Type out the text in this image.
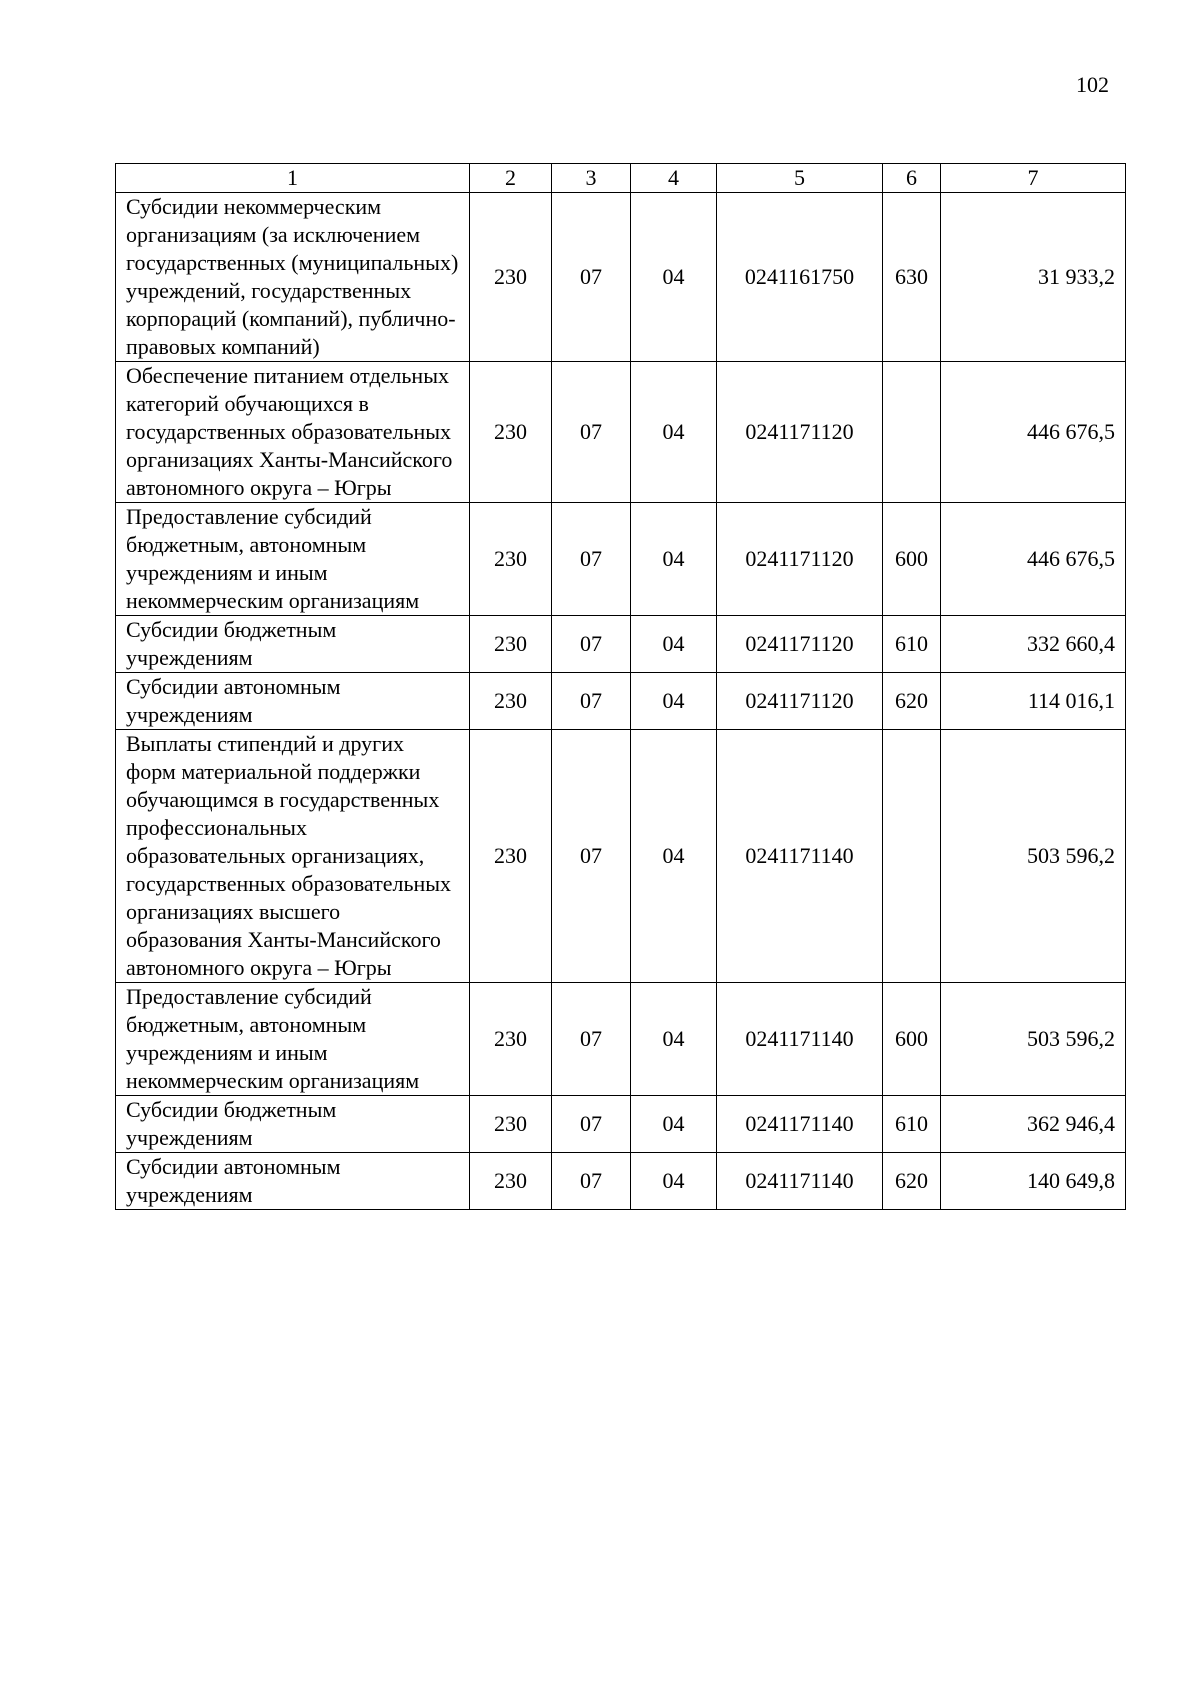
102
1	2	3	4	5	6	7
Субсидии некоммерческим организациям (за исключением государственных (муниципальных) учреждений, государственных корпораций (компаний), публично-правовых компаний)	230	07	04	0241161750	630	31 933,2
Обеспечение питанием отдельных категорий обучающихся в государственных образовательных организациях Ханты-Мансийского автономного округа – Югры	230	07	04	0241171120		446 676,5
Предоставление субсидий бюджетным, автономным учреждениям и иным некоммерческим организациям	230	07	04	0241171120	600	446 676,5
Субсидии бюджетным учреждениям	230	07	04	0241171120	610	332 660,4
Субсидии автономным учреждениям	230	07	04	0241171120	620	114 016,1
Выплаты стипендий и других форм материальной поддержки обучающимся в государственных профессиональных образовательных организациях, государственных образовательных организациях высшего образования Ханты-Мансийского автономного округа – Югры	230	07	04	0241171140		503 596,2
Предоставление субсидий бюджетным, автономным учреждениям и иным некоммерческим организациям	230	07	04	0241171140	600	503 596,2
Субсидии бюджетным учреждениям	230	07	04	0241171140	610	362 946,4
Субсидии автономным учреждениям	230	07	04	0241171140	620	140 649,8
